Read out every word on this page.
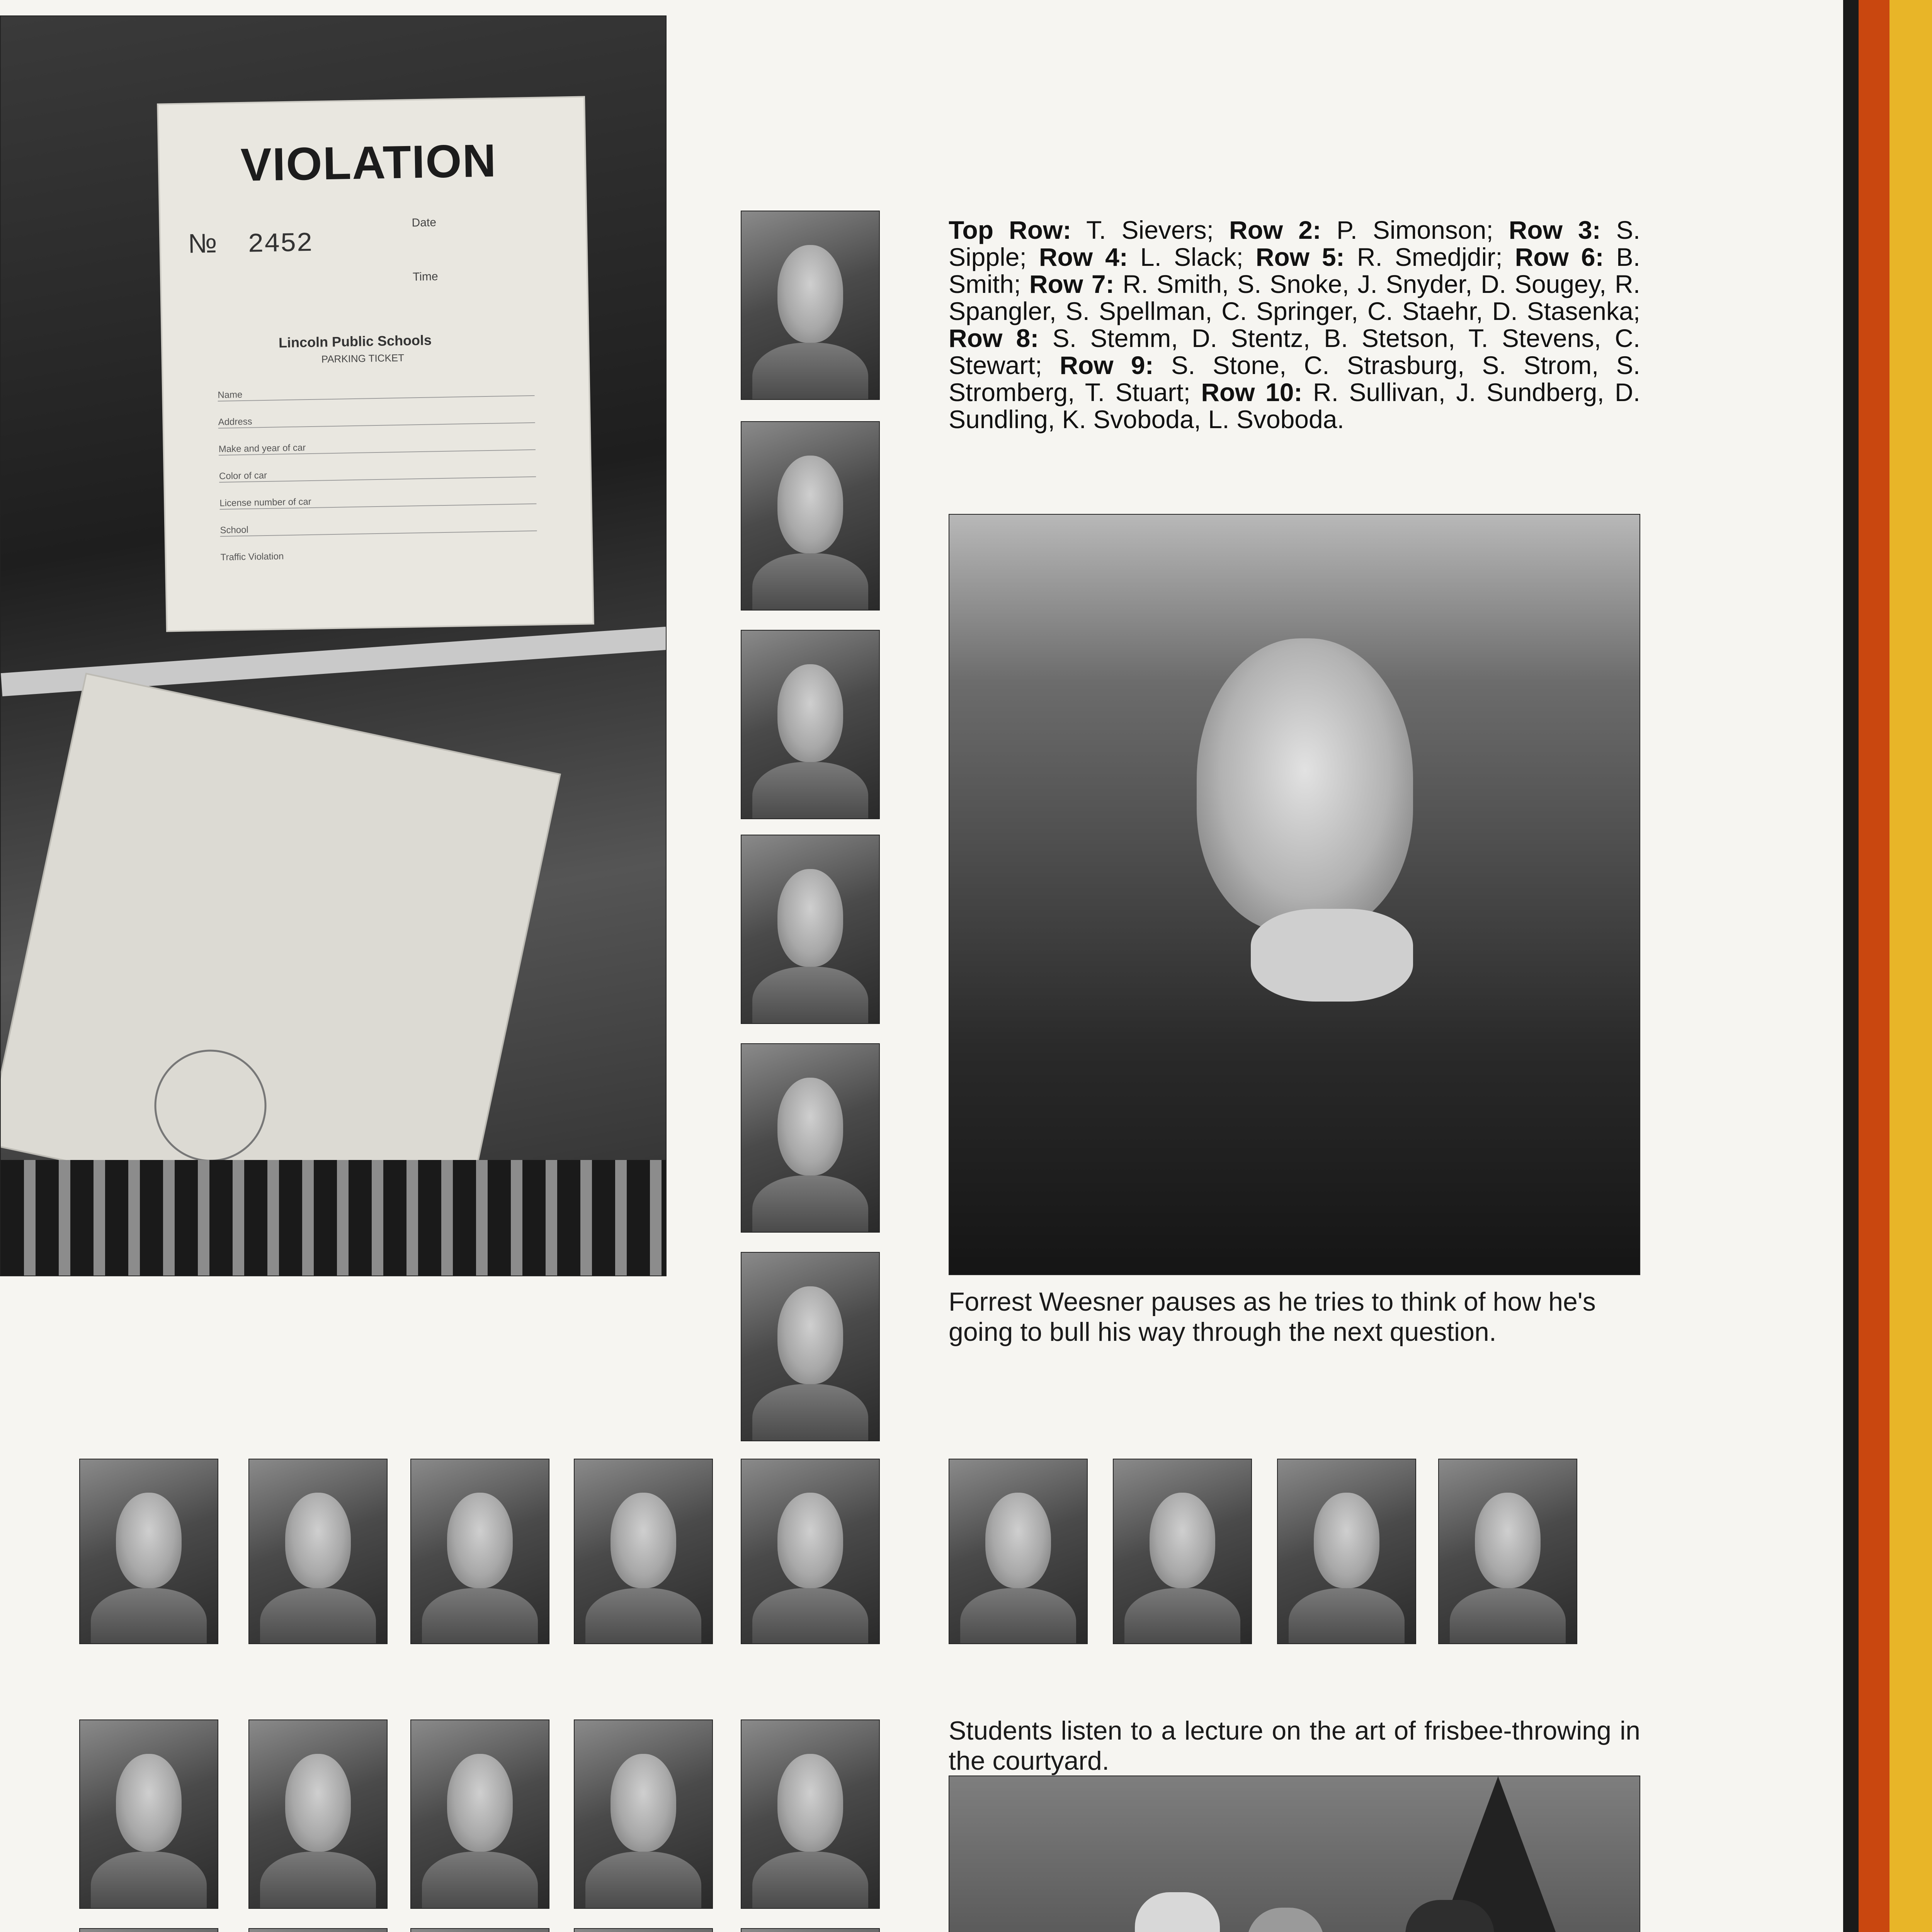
VIOLATION
№ 2452
Date
Time
Lincoln Public Schools
PARKING TICKET
Name
Address
Make and year of car
Color of car
License number of car
School
Traffic Violation
Top Row: T. Sievers; Row 2: P. Simonson; Row 3: S. Sipple; Row 4: L. Slack; Row 5: R. Smedjdir; Row 6: B. Smith; Row 7: R. Smith, S. Snoke, J. Snyder, D. Sougey, R. Spangler, S. Spellman, C. Springer, C. Staehr, D. Stasenka; Row 8: S. Stemm, D. Stentz, B. Stetson, T. Stevens, C. Stewart; Row 9: S. Stone, C. Strasburg, S. Strom, S. Stromberg, T. Stuart; Row 10: R. Sullivan, J. Sundberg, D. Sundling, K. Svoboda, L. Svoboda.
Forrest Weesner pauses as he tries to think of how he's going to bull his way through the next question.
Students listen to a lecture on the art of frisbee-throwing in the courtyard.
